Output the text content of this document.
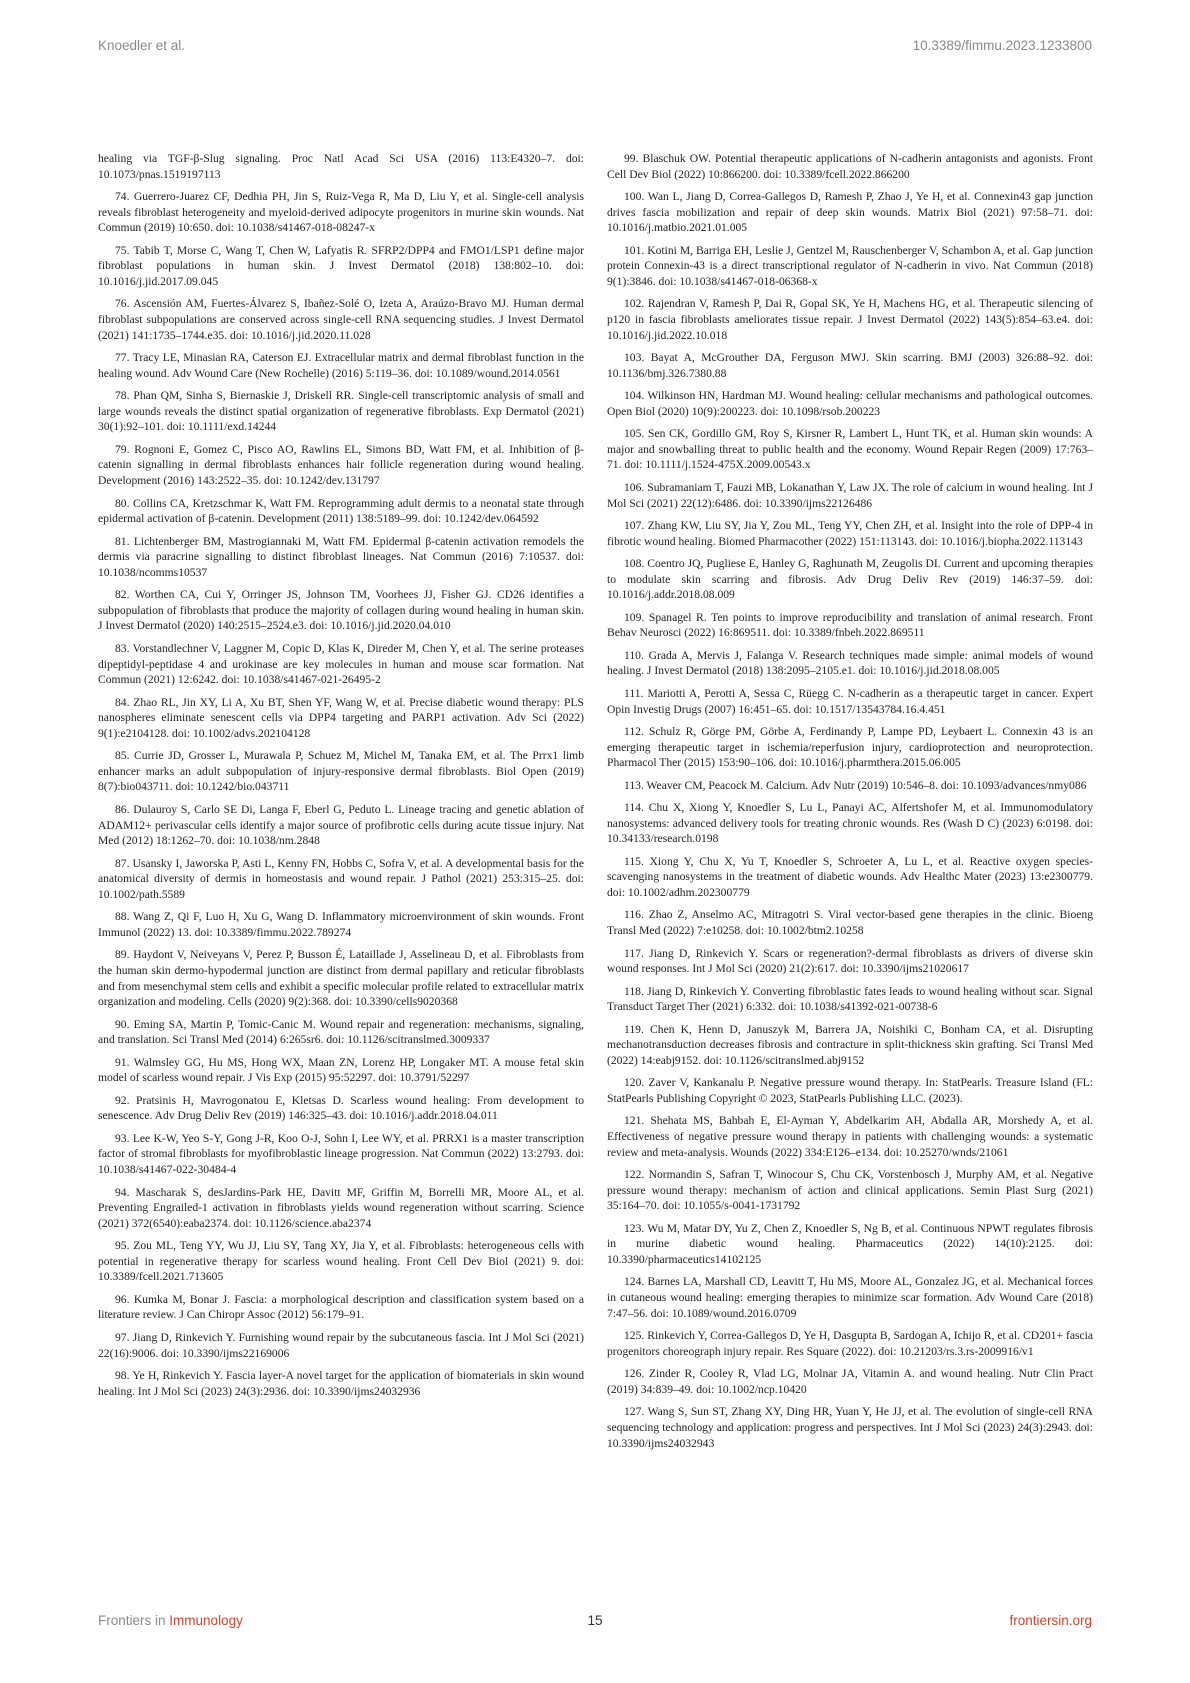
Knoedler et al.	10.3389/fimmu.2023.1233800

healing via TGF-β-Slug signaling. Proc Natl Acad Sci USA (2016) 113:E4320–7. doi: 10.1073/pnas.1519197113

74. Guerrero-Juarez CF, Dedhia PH, Jin S, Ruiz-Vega R, Ma D, Liu Y, et al. Single-cell analysis reveals fibroblast heterogeneity and myeloid-derived adipocyte progenitors in murine skin wounds. Nat Commun (2019) 10:650. doi: 10.1038/s41467-018-08247-x

75. Tabib T, Morse C, Wang T, Chen W, Lafyatis R. SFRP2/DPP4 and FMO1/LSP1 define major fibroblast populations in human skin. J Invest Dermatol (2018) 138:802–10. doi: 10.1016/j.jid.2017.09.045

76. Ascensión AM, Fuertes-Álvarez S, Ibañez-Solé O, Izeta A, Araúzo-Bravo MJ. Human dermal fibroblast subpopulations are conserved across single-cell RNA sequencing studies. J Invest Dermatol (2021) 141:1735–1744.e35. doi: 10.1016/j.jid.2020.11.028

77. Tracy LE, Minasian RA, Caterson EJ. Extracellular matrix and dermal fibroblast function in the healing wound. Adv Wound Care (New Rochelle) (2016) 5:119–36. doi: 10.1089/wound.2014.0561

78. Phan QM, Sinha S, Biernaskie J, Driskell RR. Single-cell transcriptomic analysis of small and large wounds reveals the distinct spatial organization of regenerative fibroblasts. Exp Dermatol (2021) 30(1):92–101. doi: 10.1111/exd.14244

79. Rognoni E, Gomez C, Pisco AO, Rawlins EL, Simons BD, Watt FM, et al. Inhibition of β-catenin signalling in dermal fibroblasts enhances hair follicle regeneration during wound healing. Development (2016) 143:2522–35. doi: 10.1242/dev.131797

80. Collins CA, Kretzschmar K, Watt FM. Reprogramming adult dermis to a neonatal state through epidermal activation of β-catenin. Development (2011) 138:5189–99. doi: 10.1242/dev.064592

81. Lichtenberger BM, Mastrogiannaki M, Watt FM. Epidermal β-catenin activation remodels the dermis via paracrine signalling to distinct fibroblast lineages. Nat Commun (2016) 7:10537. doi: 10.1038/ncomms10537

82. Worthen CA, Cui Y, Orringer JS, Johnson TM, Voorhees JJ, Fisher GJ. CD26 identifies a subpopulation of fibroblasts that produce the majority of collagen during wound healing in human skin. J Invest Dermatol (2020) 140:2515–2524.e3. doi: 10.1016/j.jid.2020.04.010

83. Vorstandlechner V, Laggner M, Copic D, Klas K, Direder M, Chen Y, et al. The serine proteases dipeptidyl-peptidase 4 and urokinase are key molecules in human and mouse scar formation. Nat Commun (2021) 12:6242. doi: 10.1038/s41467-021-26495-2

84. Zhao RL, Jin XY, Li A, Xu BT, Shen YF, Wang W, et al. Precise diabetic wound therapy: PLS nanospheres eliminate senescent cells via DPP4 targeting and PARP1 activation. Adv Sci (2022) 9(1):e2104128. doi: 10.1002/advs.202104128

85. Currie JD, Grosser L, Murawala P, Schuez M, Michel M, Tanaka EM, et al. The Prrx1 limb enhancer marks an adult subpopulation of injury-responsive dermal fibroblasts. Biol Open (2019) 8(7):bio043711. doi: 10.1242/bio.043711

86. Dulauroy S, Carlo SE Di, Langa F, Eberl G, Peduto L. Lineage tracing and genetic ablation of ADAM12+ perivascular cells identify a major source of profibrotic cells during acute tissue injury. Nat Med (2012) 18:1262–70. doi: 10.1038/nm.2848

87. Usansky I, Jaworska P, Asti L, Kenny FN, Hobbs C, Sofra V, et al. A developmental basis for the anatomical diversity of dermis in homeostasis and wound repair. J Pathol (2021) 253:315–25. doi: 10.1002/path.5589

88. Wang Z, Qi F, Luo H, Xu G, Wang D. Inflammatory microenvironment of skin wounds. Front Immunol (2022) 13. doi: 10.3389/fimmu.2022.789274

89. Haydont V, Neiveyans V, Perez P, Busson É, Lataillade J, Asselineau D, et al. Fibroblasts from the human skin dermo-hypodermal junction are distinct from dermal papillary and reticular fibroblasts and from mesenchymal stem cells and exhibit a specific molecular profile related to extracellular matrix organization and modeling. Cells (2020) 9(2):368. doi: 10.3390/cells9020368

90. Eming SA, Martin P, Tomic-Canic M. Wound repair and regeneration: mechanisms, signaling, and translation. Sci Transl Med (2014) 6:265sr6. doi: 10.1126/scitranslmed.3009337

91. Walmsley GG, Hu MS, Hong WX, Maan ZN, Lorenz HP, Longaker MT. A mouse fetal skin model of scarless wound repair. J Vis Exp (2015) 95:52297. doi: 10.3791/52297

92. Pratsinis H, Mavrogonatou E, Kletsas D. Scarless wound healing: From development to senescence. Adv Drug Deliv Rev (2019) 146:325–43. doi: 10.1016/j.addr.2018.04.011

93. Lee K-W, Yeo S-Y, Gong J-R, Koo O-J, Sohn I, Lee WY, et al. PRRX1 is a master transcription factor of stromal fibroblasts for myofibroblastic lineage progression. Nat Commun (2022) 13:2793. doi: 10.1038/s41467-022-30484-4

94. Mascharak S, desJardins-Park HE, Davitt MF, Griffin M, Borrelli MR, Moore AL, et al. Preventing Engrailed-1 activation in fibroblasts yields wound regeneration without scarring. Science (2021) 372(6540):eaba2374. doi: 10.1126/science.aba2374

95. Zou ML, Teng YY, Wu JJ, Liu SY, Tang XY, Jia Y, et al. Fibroblasts: heterogeneous cells with potential in regenerative therapy for scarless wound healing. Front Cell Dev Biol (2021) 9. doi: 10.3389/fcell.2021.713605

96. Kumka M, Bonar J. Fascia: a morphological description and classification system based on a literature review. J Can Chiropr Assoc (2012) 56:179–91.

97. Jiang D, Rinkevich Y. Furnishing wound repair by the subcutaneous fascia. Int J Mol Sci (2021) 22(16):9006. doi: 10.3390/ijms22169006

98. Ye H, Rinkevich Y. Fascia layer-A novel target for the application of biomaterials in skin wound healing. Int J Mol Sci (2023) 24(3):2936. doi: 10.3390/ijms24032936

99. Blaschuk OW. Potential therapeutic applications of N-cadherin antagonists and agonists. Front Cell Dev Biol (2022) 10:866200. doi: 10.3389/fcell.2022.866200

100. Wan L, Jiang D, Correa-Gallegos D, Ramesh P, Zhao J, Ye H, et al. Connexin43 gap junction drives fascia mobilization and repair of deep skin wounds. Matrix Biol (2021) 97:58–71. doi: 10.1016/j.matbio.2021.01.005

101. Kotini M, Barriga EH, Leslie J, Gentzel M, Rauschenberger V, Schambon A, et al. Gap junction protein Connexin-43 is a direct transcriptional regulator of N-cadherin in vivo. Nat Commun (2018) 9(1):3846. doi: 10.1038/s41467-018-06368-x

102. Rajendran V, Ramesh P, Dai R, Gopal SK, Ye H, Machens HG, et al. Therapeutic silencing of p120 in fascia fibroblasts ameliorates tissue repair. J Invest Dermatol (2022) 143(5):854–63.e4. doi: 10.1016/j.jid.2022.10.018

103. Bayat A, McGrouther DA, Ferguson MWJ. Skin scarring. BMJ (2003) 326:88–92. doi: 10.1136/bmj.326.7380.88

104. Wilkinson HN, Hardman MJ. Wound healing: cellular mechanisms and pathological outcomes. Open Biol (2020) 10(9):200223. doi: 10.1098/rsob.200223

105. Sen CK, Gordillo GM, Roy S, Kirsner R, Lambert L, Hunt TK, et al. Human skin wounds: A major and snowballing threat to public health and the economy. Wound Repair Regen (2009) 17:763–71. doi: 10.1111/j.1524-475X.2009.00543.x

106. Subramaniam T, Fauzi MB, Lokanathan Y, Law JX. The role of calcium in wound healing. Int J Mol Sci (2021) 22(12):6486. doi: 10.3390/ijms22126486

107. Zhang KW, Liu SY, Jia Y, Zou ML, Teng YY, Chen ZH, et al. Insight into the role of DPP-4 in fibrotic wound healing. Biomed Pharmacother (2022) 151:113143. doi: 10.1016/j.biopha.2022.113143

108. Coentro JQ, Pugliese E, Hanley G, Raghunath M, Zeugolis DI. Current and upcoming therapies to modulate skin scarring and fibrosis. Adv Drug Deliv Rev (2019) 146:37–59. doi: 10.1016/j.addr.2018.08.009

109. Spanagel R. Ten points to improve reproducibility and translation of animal research. Front Behav Neurosci (2022) 16:869511. doi: 10.3389/fnbeh.2022.869511

110. Grada A, Mervis J, Falanga V. Research techniques made simple: animal models of wound healing. J Invest Dermatol (2018) 138:2095–2105.e1. doi: 10.1016/j.jid.2018.08.005

111. Mariotti A, Perotti A, Sessa C, Rüegg C. N-cadherin as a therapeutic target in cancer. Expert Opin Investig Drugs (2007) 16:451–65. doi: 10.1517/13543784.16.4.451

112. Schulz R, Görge PM, Görbe A, Ferdinandy P, Lampe PD, Leybaert L. Connexin 43 is an emerging therapeutic target in ischemia/reperfusion injury, cardioprotection and neuroprotection. Pharmacol Ther (2015) 153:90–106. doi: 10.1016/j.pharmthera.2015.06.005

113. Weaver CM, Peacock M. Calcium. Adv Nutr (2019) 10:546–8. doi: 10.1093/advances/nmy086

114. Chu X, Xiong Y, Knoedler S, Lu L, Panayi AC, Alfertshofer M, et al. Immunomodulatory nanosystems: advanced delivery tools for treating chronic wounds. Res (Wash D C) (2023) 6:0198. doi: 10.34133/research.0198

115. Xiong Y, Chu X, Yu T, Knoedler S, Schroeter A, Lu L, et al. Reactive oxygen species-scavenging nanosystems in the treatment of diabetic wounds. Adv Healthc Mater (2023) 13:e2300779. doi: 10.1002/adhm.202300779

116. Zhao Z, Anselmo AC, Mitragotri S. Viral vector-based gene therapies in the clinic. Bioeng Transl Med (2022) 7:e10258. doi: 10.1002/btm2.10258

117. Jiang D, Rinkevich Y. Scars or regeneration?-dermal fibroblasts as drivers of diverse skin wound responses. Int J Mol Sci (2020) 21(2):617. doi: 10.3390/ijms21020617

118. Jiang D, Rinkevich Y. Converting fibroblastic fates leads to wound healing without scar. Signal Transduct Target Ther (2021) 6:332. doi: 10.1038/s41392-021-00738-6

119. Chen K, Henn D, Januszyk M, Barrera JA, Noishiki C, Bonham CA, et al. Disrupting mechanotransduction decreases fibrosis and contracture in split-thickness skin grafting. Sci Transl Med (2022) 14:eabj9152. doi: 10.1126/scitranslmed.abj9152

120. Zaver V, Kankanalu P. Negative pressure wound therapy. In: StatPearls. Treasure Island (FL: StatPearls Publishing Copyright © 2023, StatPearls Publishing LLC. (2023).

121. Shehata MS, Bahbah E, El-Ayman Y, Abdelkarim AH, Abdalla AR, Morshedy A, et al. Effectiveness of negative pressure wound therapy in patients with challenging wounds: a systematic review and meta-analysis. Wounds (2022) 334:E126–e134. doi: 10.25270/wnds/21061

122. Normandin S, Safran T, Winocour S, Chu CK, Vorstenbosch J, Murphy AM, et al. Negative pressure wound therapy: mechanism of action and clinical applications. Semin Plast Surg (2021) 35:164–70. doi: 10.1055/s-0041-1731792

123. Wu M, Matar DY, Yu Z, Chen Z, Knoedler S, Ng B, et al. Continuous NPWT regulates fibrosis in murine diabetic wound healing. Pharmaceutics (2022) 14(10):2125. doi: 10.3390/pharmaceutics14102125

124. Barnes LA, Marshall CD, Leavitt T, Hu MS, Moore AL, Gonzalez JG, et al. Mechanical forces in cutaneous wound healing: emerging therapies to minimize scar formation. Adv Wound Care (2018) 7:47–56. doi: 10.1089/wound.2016.0709

125. Rinkevich Y, Correa-Gallegos D, Ye H, Dasgupta B, Sardogan A, Ichijo R, et al. CD201+ fascia progenitors choreograph injury repair. Res Square (2022). doi: 10.21203/rs.3.rs-2009916/v1

126. Zinder R, Cooley R, Vlad LG, Molnar JA, Vitamin A. and wound healing. Nutr Clin Pract (2019) 34:839–49. doi: 10.1002/ncp.10420

127. Wang S, Sun ST, Zhang XY, Ding HR, Yuan Y, He JJ, et al. The evolution of single-cell RNA sequencing technology and application: progress and perspectives. Int J Mol Sci (2023) 24(3):2943. doi: 10.3390/ijms24032943

Frontiers in Immunology	15	frontiersin.org
